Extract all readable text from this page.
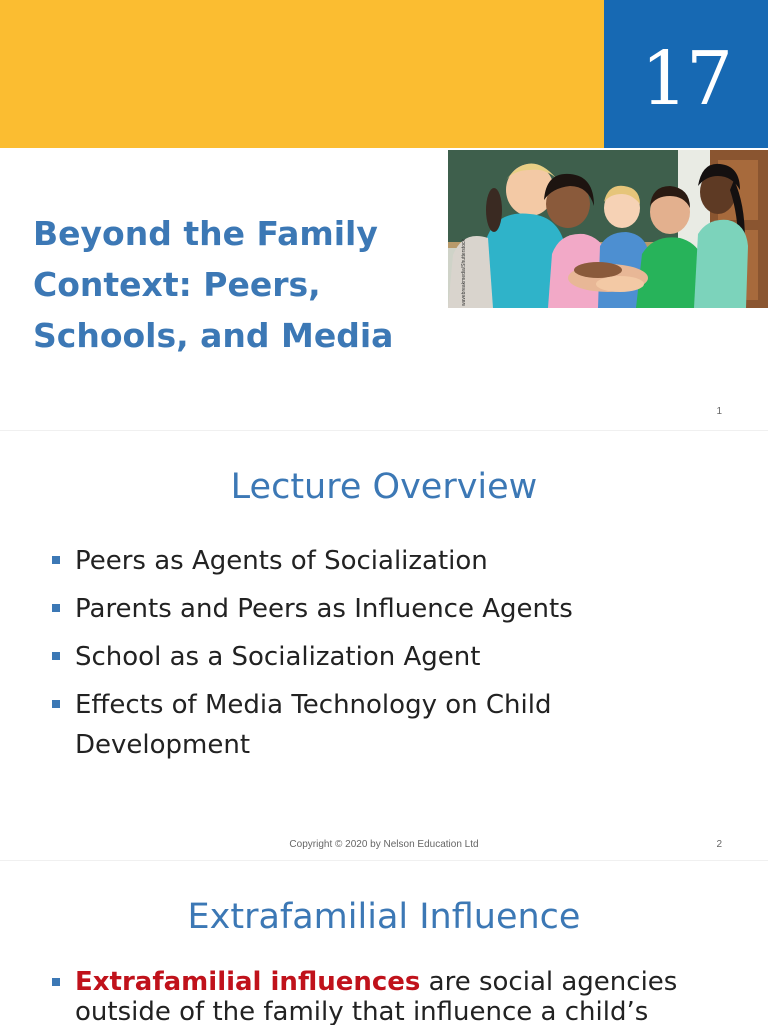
17
wavebreakmedia/Shutterstock
Beyond the Family Context: Peers, Schools, and Media
1
Lecture Overview
Peers as Agents of Socialization
Parents and Peers as Influence Agents
School as a Socialization Agent
Effects of Media Technology on Child Development
Copyright © 2020 by Nelson Education Ltd	2
Extrafamilial Influence
Extrafamilial influences are social agencies outside of the family that influence a child’s
